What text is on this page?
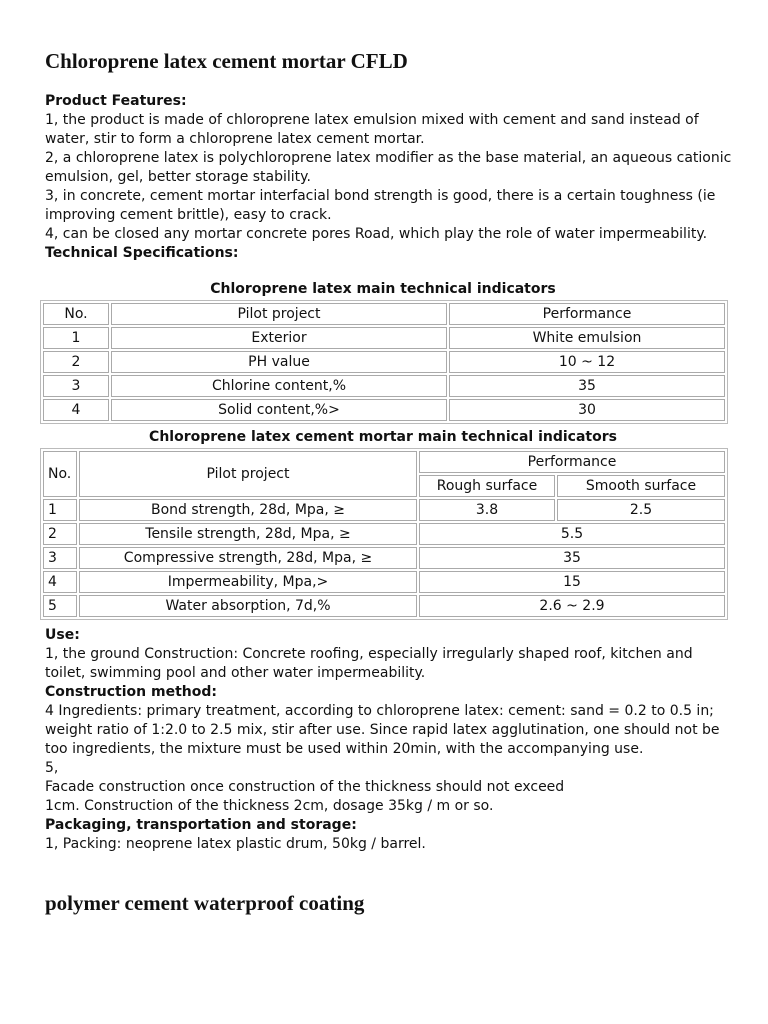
Chloroprene latex cement mortar CFLD

Product Features:

1, the product is made of chloroprene latex emulsion mixed with cement and sand instead of water, stir to form a chloroprene latex cement mortar.

2, a chloroprene latex is polychloroprene latex modifier as the base material, an aqueous cationic emulsion, gel, better storage stability.

3, in concrete, cement mortar interfacial bond strength is good, there is a certain toughness (ie improving cement brittle), easy to crack.

4, can be closed any mortar concrete pores Road, which play the role of water impermeability.

Technical Specifications:

Chloroprene latex main technical indicators
No.	Pilot project	Performance
1	Exterior	White emulsion
2	PH value	10 ~ 12
3	Chlorine content,%	35
4	Solid content,%>	30
Chloroprene latex cement mortar main technical indicators
No.	Pilot project	Performance	
		Rough surface	Smooth surface
1	Bond strength, 28d, Mpa, ≥	3.8	2.5
2	Tensile strength, 28d, Mpa, ≥	5.5	
3	Compressive strength, 28d, Mpa, ≥	35	
4	Impermeability, Mpa,>	15	
5	Water absorption, 7d,%	2.6 ~ 2.9	

Use:

1, the ground Construction: Concrete roofing, especially irregularly shaped roof, kitchen and toilet, swimming pool and other water impermeability.

Construction method:

4 Ingredients: primary treatment, according to chloroprene latex: cement: sand = 0.2 to 0.5 in; weight ratio of 1:2.0 to 2.5 mix, stir after use. Since rapid latex agglutination, one should not be too ingredients, the mixture must be used within 20min, with the accompanying use.

5,

Facade construction once construction of the thickness should not exceed

1cm. Construction of the thickness 2cm, dosage 35kg / m or so.

Packaging, transportation and storage:

1, Packing: neoprene latex plastic drum, 50kg / barrel.

polymer cement waterproof coating
